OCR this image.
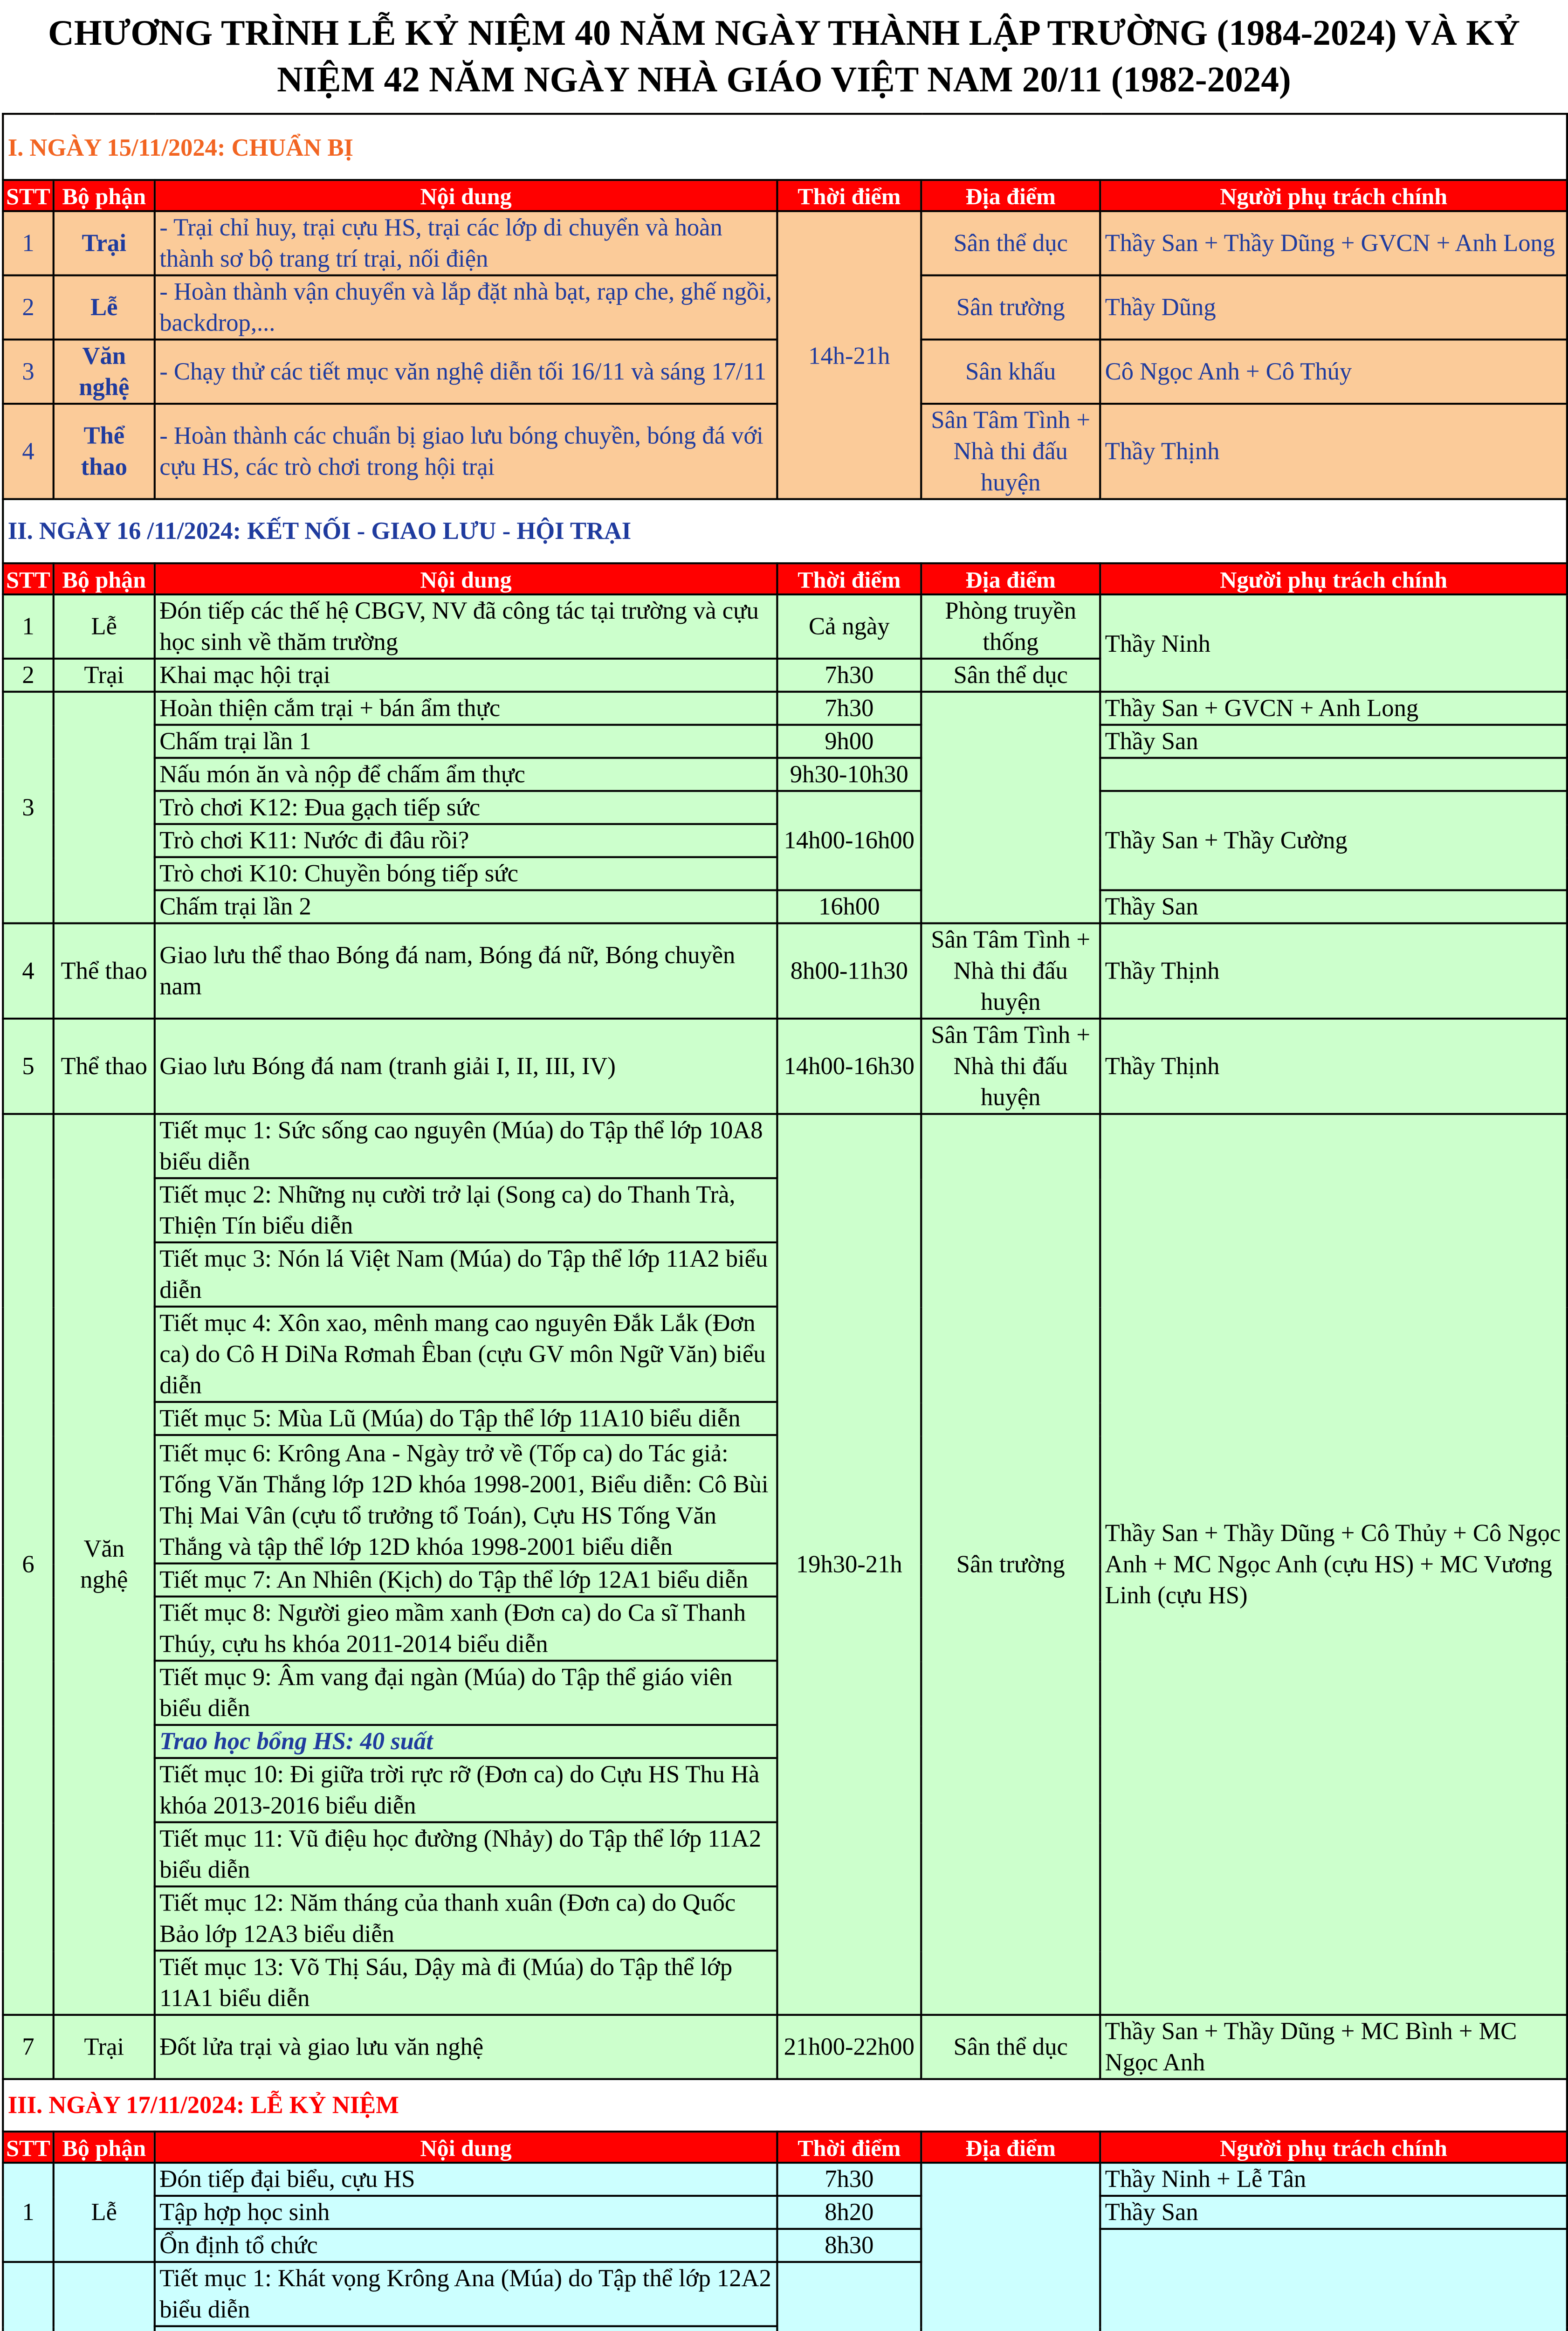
CHƯƠNG TRÌNH LỄ KỶ NIỆM 40 NĂM NGÀY THÀNH LẬP TRƯỜNG (1984-2024) VÀ KỶ
NIỆM 42 NĂM NGÀY NHÀ GIÁO VIỆT NAM 20/11 (1982-2024)
I. NGÀY 15/11/2024: CHUẨN BỊ					
STT	Bộ phận	Nội dung	Thời điểm	Địa điểm	Người phụ trách chính
1	Trại	- Trại chỉ huy, trại cựu HS, trại các lớp di chuyển và hoàn thành sơ bộ trang trí trại, nối điện	14h-21h	Sân thể dục	Thầy San + Thầy Dũng + GVCN + Anh Long
2	Lễ	- Hoàn thành vận chuyển và lắp đặt nhà bạt, rạp che, ghế ngồi, backdrop,...		Sân trường	Thầy Dũng
3	Văn nghệ	- Chạy thử các tiết mục văn nghệ diễn tối 16/11 và sáng 17/11		Sân khấu	Cô Ngọc Anh + Cô Thúy
4	Thể thao	- Hoàn thành các chuẩn bị giao lưu bóng chuyền, bóng đá với cựu HS, các trò chơi trong hội trại		Sân Tâm Tình + Nhà thi đấu huyện	Thầy Thịnh
II. NGÀY 16 /11/2024: KẾT NỐI - GIAO LƯU - HỘI TRẠI					
STT	Bộ phận	Nội dung	Thời điểm	Địa điểm	Người phụ trách chính
1	Lễ	Đón tiếp các thế hệ CBGV, NV đã công tác tại trường và cựu học sinh về thăm trường	Cả ngày	Phòng truyền thống	Thầy Ninh
2	Trại	Khai mạc hội trại	7h30	Sân thể dục	
3		Hoàn thiện cắm trại + bán ẩm thực	7h30		Thầy San + GVCN + Anh Long
		Chấm trại lần 1	9h00		Thầy San
		Nấu món ăn và nộp để chấm ẩm thực	9h30-10h30		
		Trò chơi K12: Đua gạch tiếp sức	14h00-16h00		Thầy San + Thầy Cường
		Trò chơi K11: Nước đi đâu rồi?			
		Trò chơi K10: Chuyền bóng tiếp sức			
		Chấm trại lần 2	16h00		Thầy San
4	Thể thao	Giao lưu thể thao Bóng đá nam, Bóng đá nữ, Bóng chuyền nam	8h00-11h30	Sân Tâm Tình + Nhà thi đấu huyện	Thầy Thịnh
5	Thể thao	Giao lưu Bóng đá nam (tranh giải I, II, III, IV)	14h00-16h30	Sân Tâm Tình + Nhà thi đấu huyện	Thầy Thịnh
6	Văn nghệ	Tiết mục 1: Sức sống cao nguyên (Múa) do Tập thể lớp 10A8 biểu diễn	19h30-21h	Sân trường	Thầy San + Thầy Dũng + Cô Thủy + Cô Ngọc Anh + MC Ngọc Anh (cựu HS) + MC Vương Linh (cựu HS)
		Tiết mục 2: Những nụ cười trở lại (Song ca) do Thanh Trà, Thiện Tín biểu diễn			
		Tiết mục 3: Nón lá Việt Nam (Múa) do Tập thể lớp 11A2 biểu diễn			
		Tiết mục 4: Xôn xao, mênh mang cao nguyên Đắk Lắk (Đơn ca) do Cô H DiNa Rơmah Êban (cựu GV môn Ngữ Văn) biểu diễn			
		Tiết mục 5: Mùa Lũ (Múa) do Tập thể lớp 11A10 biểu diễn			
		Tiết mục 6: Krông Ana - Ngày trở về (Tốp ca) do Tác giả: Tống Văn Thắng lớp 12D khóa 1998-2001, Biểu diễn: Cô Bùi Thị Mai Vân (cựu tổ trưởng tổ Toán), Cựu HS Tống Văn Thắng và tập thể lớp 12D khóa 1998-2001 biểu diễn			
		Tiết mục 7: An Nhiên (Kịch) do Tập thể lớp 12A1 biểu diễn			
		Tiết mục 8: Người gieo mầm xanh (Đơn ca) do Ca sĩ Thanh Thúy, cựu hs khóa 2011-2014 biểu diễn			
		Tiết mục 9: Âm vang đại ngàn (Múa) do Tập thể giáo viên biểu diễn			
		Trao học bổng HS: 40 suất			
		Tiết mục 10: Đi giữa trời rực rỡ (Đơn ca) do Cựu HS Thu Hà khóa 2013-2016 biểu diễn			
		Tiết mục 11: Vũ điệu học đường (Nhảy) do Tập thể lớp 11A2 biểu diễn			
		Tiết mục 12: Năm tháng của thanh xuân (Đơn ca) do Quốc Bảo lớp 12A3 biểu diễn			
		Tiết mục 13: Võ Thị Sáu, Dậy mà đi (Múa) do Tập thể lớp 11A1 biểu diễn			
7	Trại	Đốt lửa trại và giao lưu văn nghệ	21h00-22h00	Sân thể dục	Thầy San + Thầy Dũng + MC Bình + MC Ngọc Anh
III. NGÀY 17/11/2024: LỄ KỶ NIỆM						
STT	Bộ phận	Nội dung	Thời điểm	Địa điểm	Người phụ trách chính	
1	Lễ	Đón tiếp đại biểu, cựu HS	7h30		Thầy Ninh + Lễ Tân	
		Tập hợp học sinh	8h20		Thầy San	
		Ổn định tổ chức	8h30	
		Tiết mục 1: Khát vọng Krông Ana (Múa) do Tập thể lớp 12A2 biểu diễn	
